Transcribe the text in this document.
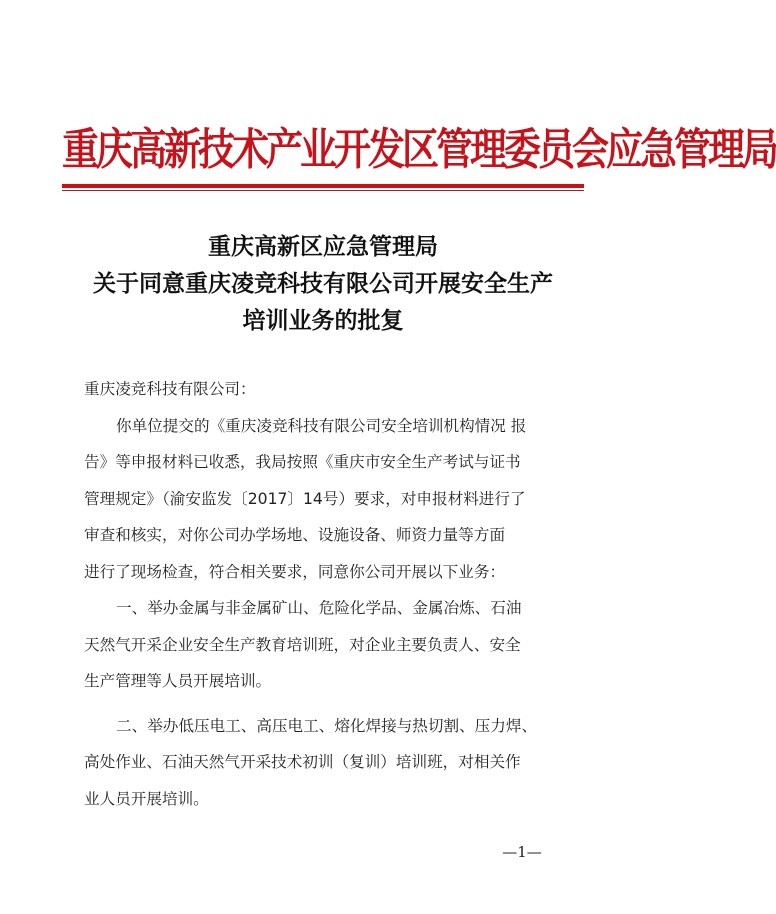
重庆高新技术产业开发区管理委员会应急管理局
重庆高新区应急管理局
关于同意重庆凌竞科技有限公司开展安全生产
培训业务的批复

重庆凌竞科技有限公司：

你单位提交的《重庆凌竞科技有限公司安全培训机构情况 报
告》等申报材料已收悉，我局按照《重庆市安全生产考试与证书
管理规定》（渝安监发〔2017〕14号）要求，对申报材料进行了
审查和核实，对你公司办学场地、设施设备、师资力量等方面
进行了现场检查，符合相关要求，同意你公司开展以下业务：

一、举办金属与非金属矿山、危险化学品、金属冶炼、石油
天然气开采企业安全生产教育培训班，对企业主要负责人、安全
生产管理等人员开展培训。

二、举办低压电工、高压电工、熔化焊接与热切割、压力焊、
高处作业、石油天然气开采技术初训（复训）培训班，对相关作
业人员开展培训。

—1—
